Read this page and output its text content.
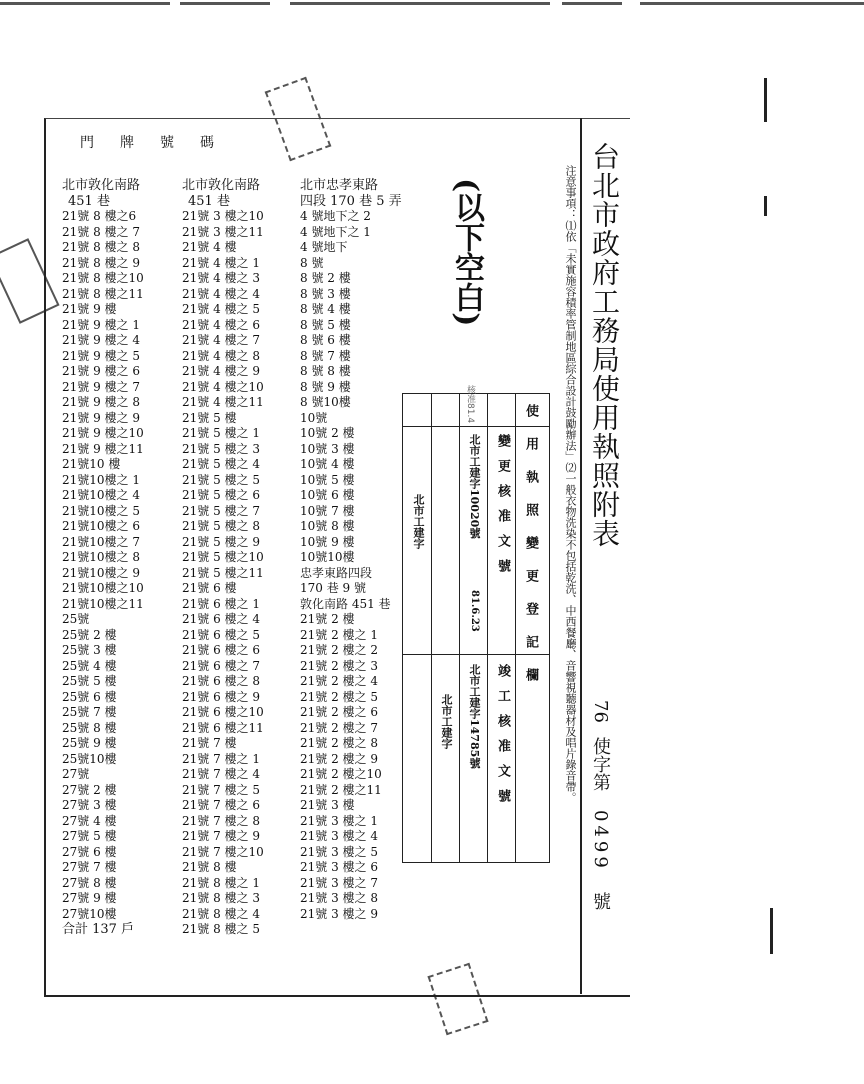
門牌號碼
北市敦化南路
451 巷
21號 8 樓之6
21號 8 樓之 7
21號 8 樓之 8
21號 8 樓之 9
21號 8 樓之10
21號 8 樓之11
21號 9 樓
21號 9 樓之 1
21號 9 樓之 4
21號 9 樓之 5
21號 9 樓之 6
21號 9 樓之 7
21號 9 樓之 8
21號 9 樓之 9
21號 9 樓之10
21號 9 樓之11
21號10 樓
21號10樓之 1
21號10樓之 4
21號10樓之 5
21號10樓之 6
21號10樓之 7
21號10樓之 8
21號10樓之 9
21號10樓之10
21號10樓之11
25號
25號 2 樓
25號 3 樓
25號 4 樓
25號 5 樓
25號 6 樓
25號 7 樓
25號 8 樓
25號 9 樓
25號10樓
27號
27號 2 樓
27號 3 樓
27號 4 樓
27號 5 樓
27號 6 樓
27號 7 樓
27號 8 樓
27號 9 樓
27號10樓
合計 137 戶
北市敦化南路
451 巷
21號 3 樓之10
21號 3 樓之11
21號 4 樓
21號 4 樓之 1
21號 4 樓之 3
21號 4 樓之 4
21號 4 樓之 5
21號 4 樓之 6
21號 4 樓之 7
21號 4 樓之 8
21號 4 樓之 9
21號 4 樓之10
21號 4 樓之11
21號 5 樓
21號 5 樓之 1
21號 5 樓之 3
21號 5 樓之 4
21號 5 樓之 5
21號 5 樓之 6
21號 5 樓之 7
21號 5 樓之 8
21號 5 樓之 9
21號 5 樓之10
21號 5 樓之11
21號 6 樓
21號 6 樓之 1
21號 6 樓之 4
21號 6 樓之 5
21號 6 樓之 6
21號 6 樓之 7
21號 6 樓之 8
21號 6 樓之 9
21號 6 樓之10
21號 6 樓之11
21號 7 樓
21號 7 樓之 1
21號 7 樓之 4
21號 7 樓之 5
21號 7 樓之 6
21號 7 樓之 8
21號 7 樓之 9
21號 7 樓之10
21號 8 樓
21號 8 樓之 1
21號 8 樓之 3
21號 8 樓之 4
21號 8 樓之 5
北市忠孝東路
四段 170 巷 5 弄
4 號地下之 2
4 號地下之 1
4 號地下
8 號
8 號 2 樓
8 號 3 樓
8 號 4 樓
8 號 5 樓
8 號 6 樓
8 號 7 樓
8 號 8 樓
8 號 9 樓
8 號10樓
10號
10號 2 樓
10號 3 樓
10號 4 樓
10號 5 樓
10號 6 樓
10號 7 樓
10號 8 樓
10號 9 樓
10號10樓
忠孝東路四段
170 巷 9 號
敦化南路 451 巷
21號 2 樓
21號 2 樓之 1
21號 2 樓之 2
21號 2 樓之 3
21號 2 樓之 4
21號 2 樓之 5
21號 2 樓之 6
21號 2 樓之 7
21號 2 樓之 8
21號 2 樓之 9
21號 2 樓之10
21號 2 樓之11
21號 3 樓
21號 3 樓之 1
21號 3 樓之 4
21號 3 樓之 5
21號 3 樓之 6
21號 3 樓之 7
21號 3 樓之 8
21號 3 樓之 9
(以下空白)	注意事項：⑴依「未實施容積率管制地區綜合設計鼓勵辦法」⑵一般衣物洗染不包括乾洗、中西餐廳、音響視聽器材及唱片錄音帶。 台北市政府工務局使用執照附表
76 使字第 0499 號
使用執照變更登記欄
變更核准文號
竣工核准文號
北市工建字10020號
北市工建字14785號
北市工建字
北市工建字
81.6.23
核准81.4
